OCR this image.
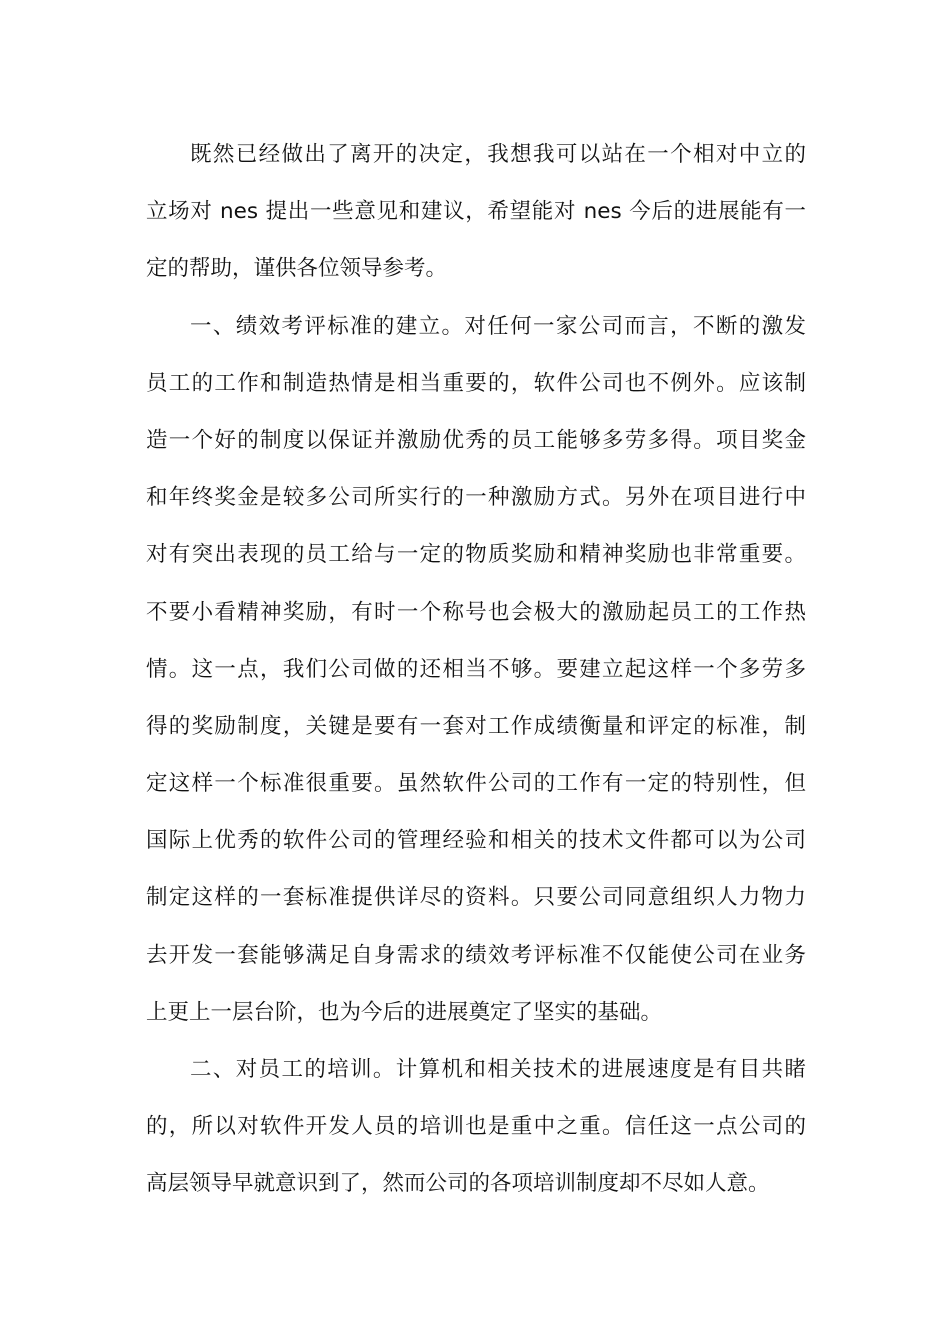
既然已经做出了离开的决定，我想我可以站在一个相对中立的
立场对 nes 提出一些意见和建议，希望能对 nes 今后的进展能有一
定的帮助，谨供各位领导参考。
一、绩效考评标准的建立。对任何一家公司而言，不断的激发
员工的工作和制造热情是相当重要的，软件公司也不例外。应该制
造一个好的制度以保证并激励优秀的员工能够多劳多得。项目奖金
和年终奖金是较多公司所实行的一种激励方式。另外在项目进行中
对有突出表现的员工给与一定的物质奖励和精神奖励也非常重要。
不要小看精神奖励，有时一个称号也会极大的激励起员工的工作热
情。这一点，我们公司做的还相当不够。要建立起这样一个多劳多
得的奖励制度，关键是要有一套对工作成绩衡量和评定的标准，制
定这样一个标准很重要。虽然软件公司的工作有一定的特别性，但
国际上优秀的软件公司的管理经验和相关的技术文件都可以为公司
制定这样的一套标准提供详尽的资料。只要公司同意组织人力物力
去开发一套能够满足自身需求的绩效考评标准不仅能使公司在业务
上更上一层台阶，也为今后的进展奠定了坚实的基础。
二、对员工的培训。计算机和相关技术的进展速度是有目共睹
的，所以对软件开发人员的培训也是重中之重。信任这一点公司的
高层领导早就意识到了，然而公司的各项培训制度却不尽如人意。
